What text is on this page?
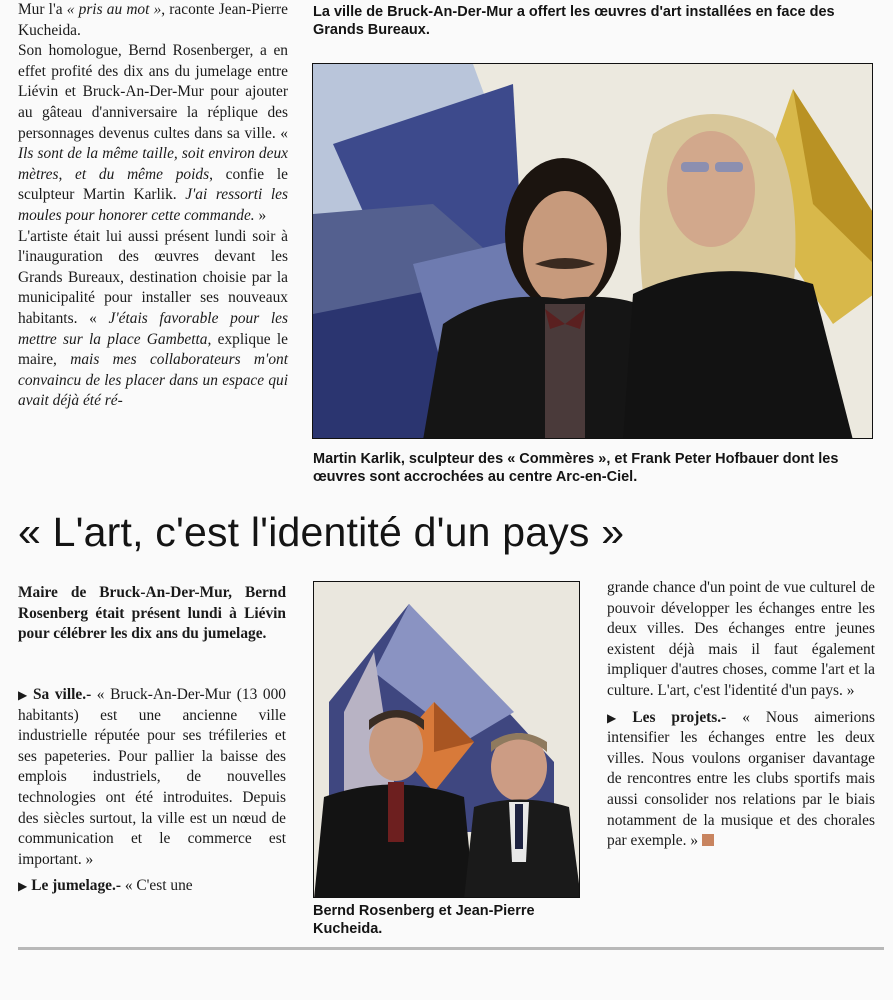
Mur l'a « pris au mot », raconte Jean-Pierre Kucheida.

Son homologue, Bernd Rosenberger, a en effet profité des dix ans du jumelage entre Liévin et Bruck-An-Der-Mur pour ajouter au gâteau d'anniversaire la réplique des personnages devenus cultes dans sa ville. « Ils sont de la même taille, soit environ deux mètres, et du même poids, confie le sculpteur Martin Karlik. J'ai ressorti les moules pour honorer cette commande. »

L'artiste était lui aussi présent lundi soir à l'inauguration des œuvres devant les Grands Bureaux, destination choisie par la municipalité pour installer ses nouveaux habitants. « J'étais favorable pour les mettre sur la place Gambetta, explique le maire, mais mes collaborateurs m'ont convaincu de les placer dans un espace qui avait déjà été ré-

La ville de Bruck-An-Der-Mur a offert les œuvres d'art installées en face des Grands Bureaux.
Martin Karlik, sculpteur des « Commères », et Frank Peter Hofbauer dont les œuvres sont accrochées au centre Arc-en-Ciel.
« L'art, c'est l'identité d'un pays »
Maire de Bruck-An-Der-Mur, Bernd Rosenberg était présent lundi à Liévin pour célébrer les dix ans du jumelage.

▶ Sa ville.- « Bruck-An-Der-Mur (13 000 habitants) est une ancienne ville industrielle réputée pour ses tréfileries et ses papeteries. Pour pallier la baisse des emplois industriels, de nouvelles technologies ont été introduites. Depuis des siècles surtout, la ville est un nœud de communication et le commerce est important. »

▶ Le jumelage.- « C'est une

Bernd Rosenberg et Jean-Pierre Kucheida.

grande chance d'un point de vue culturel de pouvoir développer les échanges entre les deux villes. Des échanges entre jeunes existent déjà mais il faut également impliquer d'autres choses, comme l'art et la culture. L'art, c'est l'identité d'un pays. »

▶ Les projets.- « Nous aimerions intensifier les échanges entre les deux villes. Nous voulons organiser davantage de rencontres entre les clubs sportifs mais aussi consolider nos relations par le biais notamment de la musique et des chorales par exemple. »
